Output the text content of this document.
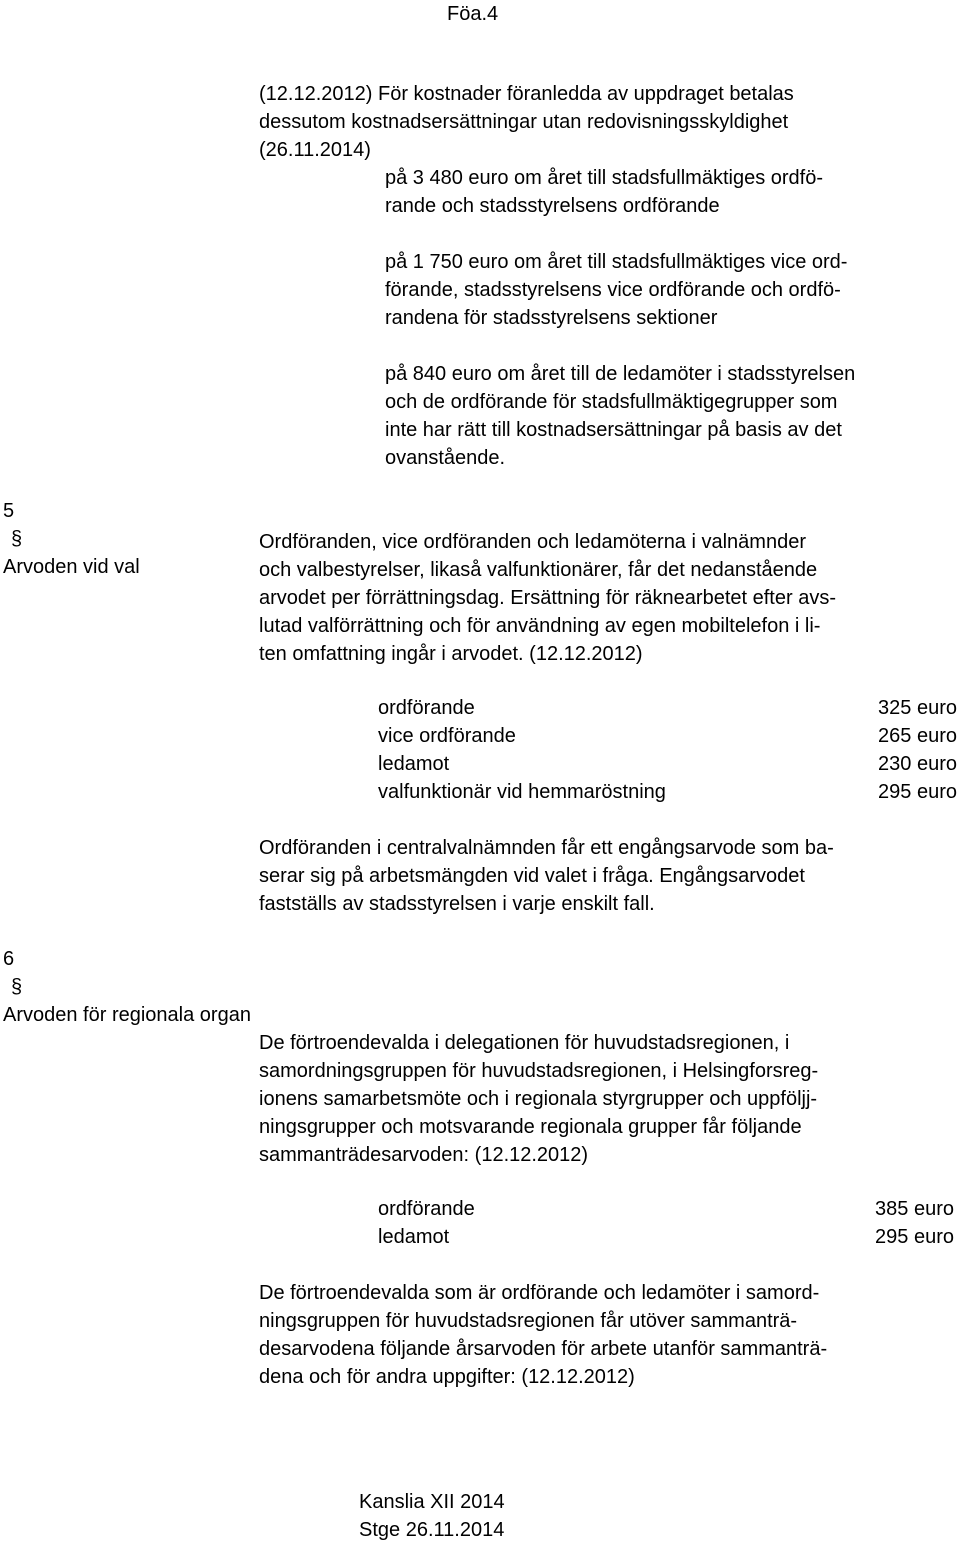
Föa.4
(12.12.2012) För kostnader föranledda av uppdraget betalas
dessutom kostnadsersättningar utan redovisningsskyldighet
(26.11.2014)
på 3 480 euro om året till stadsfullmäktiges ordfö-
rande och stadsstyrelsens ordförande
på 1 750 euro om året till stadsfullmäktiges vice ord-
förande, stadsstyrelsens vice ordförande och ordfö-
randena för stadsstyrelsens sektioner
på 840 euro om året till de ledamöter i stadsstyrelsen
och de ordförande för stadsfullmäktigegrupper som
inte har rätt till kostnadsersättningar på basis av det
ovanstående.
5
§
Arvoden vid val
Ordföranden, vice ordföranden och ledamöterna i valnämnder
och valbestyrelser, likaså valfunktionärer, får det nedanstående
arvodet per förrättningsdag. Ersättning för räknearbetet efter avs-
lutad valförrättning och för användning av egen mobiltelefon i li-
ten omfattning ingår i arvodet. (12.12.2012)
ordförande	325 euro
vice ordförande	265 euro
ledamot	230 euro
valfunktionär vid hemmaröstning	295 euro
Ordföranden i centralvalnämnden får ett engångsarvode som ba-
serar sig på arbetsmängden vid valet i fråga. Engångsarvodet
fastställs av stadsstyrelsen i varje enskilt fall.
6
§
Arvoden för regionala organ
De förtroendevalda i delegationen för huvudstadsregionen, i
samordningsgruppen för huvudstadsregionen, i Helsingforsreg-
ionens samarbetsmöte och i regionala styrgrupper och uppföljj-
ningsgrupper och motsvarande regionala grupper får följande
sammanträdesarvoden: (12.12.2012)
ordförande	385 euro
ledamot	295 euro
De förtroendevalda som är ordförande och ledamöter i samord-
ningsgruppen för huvudstadsregionen får utöver sammanträ-
desarvodena följande årsarvoden för arbete utanför sammanträ-
dena och för andra uppgifter: (12.12.2012)
Kanslia XII 2014
Stge 26.11.2014
